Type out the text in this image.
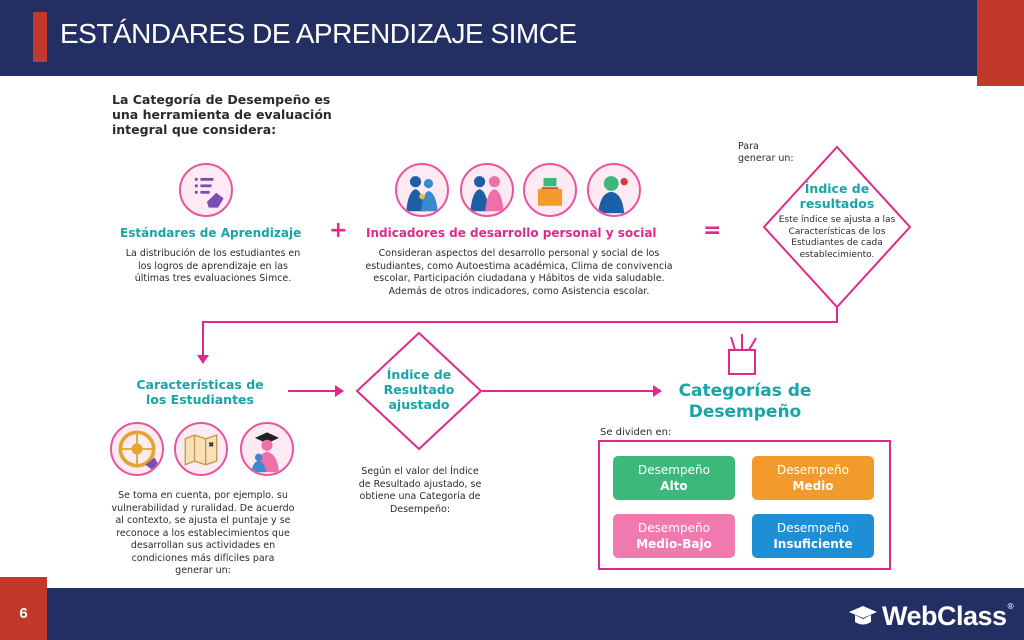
ESTÁNDARES DE APRENDIZAJE SIMCE
La Categoría de Desempeño es
una herramienta de evaluación
integral que considera:
Estándares de Aprendizaje
La distribución de los estudiantes en
los logros de aprendizaje en las
últimas tres evaluaciones Simce.
+ Indicadores de desarrollo personal y social
Consideran aspectos del desarrollo personal y social de los
estudiantes, como Autoestima académica, Clima de convivencia
escolar, Participación ciudadana y Hábitos de vida saludable.
Además de otros indicadores, como Asistencia escolar.
=
Para
generar un:
Índice de
resultados
Este índice se ajusta a las
Características de los
Estudiantes de cada
establecimiento.
Características de
los Estudiantes
Se toma en cuenta, por ejemplo. su
vulnerabilidad y ruralidad. De acuerdo
al contexto, se ajusta el puntaje y se
reconoce a los establecimientos que
desarrollan sus actividades en
condiciones más difíciles para
generar un:
Índice de
Resultado
ajustado
Según el valor del Índice
de Resultado ajustado, se
obtiene una Categoría de
Desempeño:
Categorías de
Desempeño
Se dividen en:
Desempeño
Alto
Desempeño
Medio
Desempeño
Medio-Bajo
Desempeño
Insuficiente
6	WebClass ®
